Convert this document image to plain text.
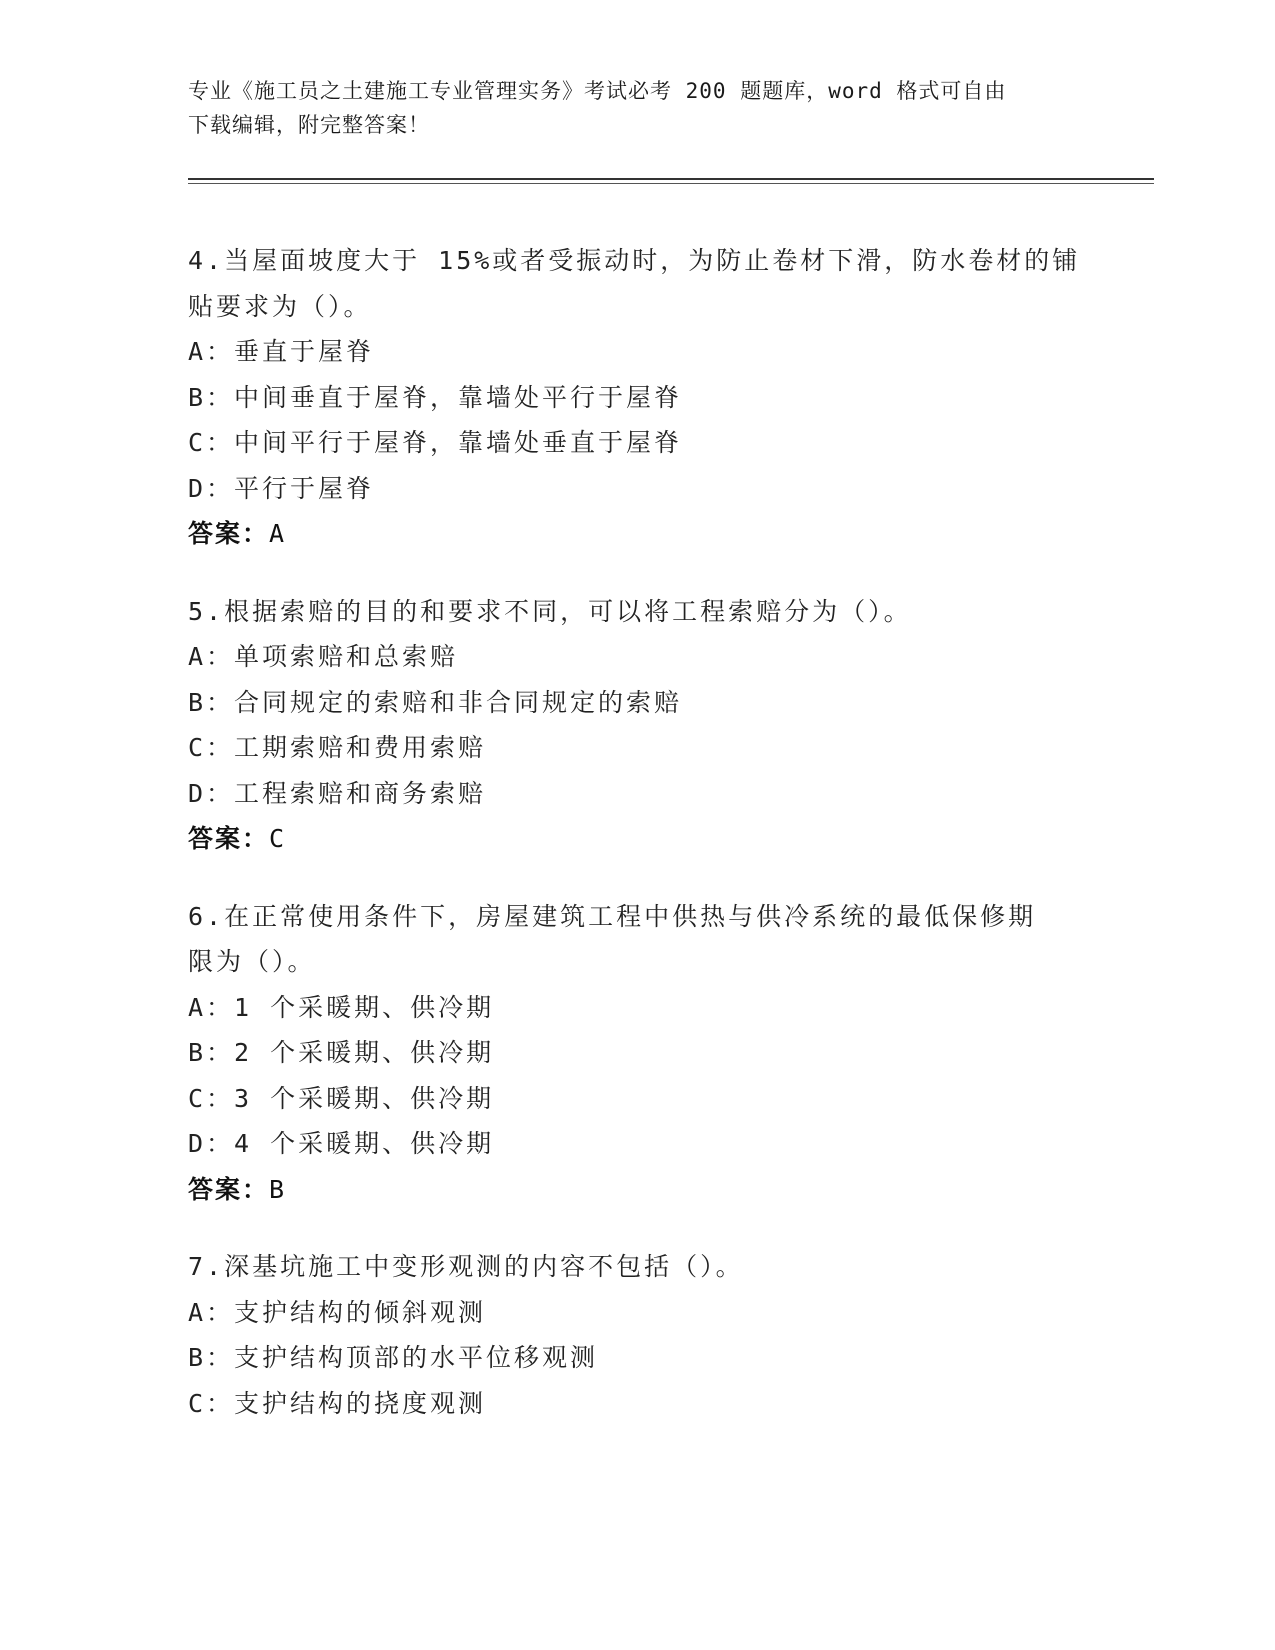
专业《施工员之土建施工专业管理实务》考试必考 200 题题库，word 格式可自由
下载编辑，附完整答案！

4.当屋面坡度大于 15%或者受振动时，为防止卷材下滑，防水卷材的铺

贴要求为（）。

A：垂直于屋脊

B：中间垂直于屋脊，靠墙处平行于屋脊

C：中间平行于屋脊，靠墙处垂直于屋脊

D：平行于屋脊

答案：A

5.根据索赔的目的和要求不同，可以将工程索赔分为（）。

A：单项索赔和总索赔

B：合同规定的索赔和非合同规定的索赔

C：工期索赔和费用索赔

D：工程索赔和商务索赔

答案：C

6.在正常使用条件下，房屋建筑工程中供热与供冷系统的最低保修期

限为（）。

A：1 个采暖期、供冷期

B：2 个采暖期、供冷期

C：3 个采暖期、供冷期

D：4 个采暖期、供冷期

答案：B

7.深基坑施工中变形观测的内容不包括（）。

A：支护结构的倾斜观测

B：支护结构顶部的水平位移观测

C：支护结构的挠度观测
